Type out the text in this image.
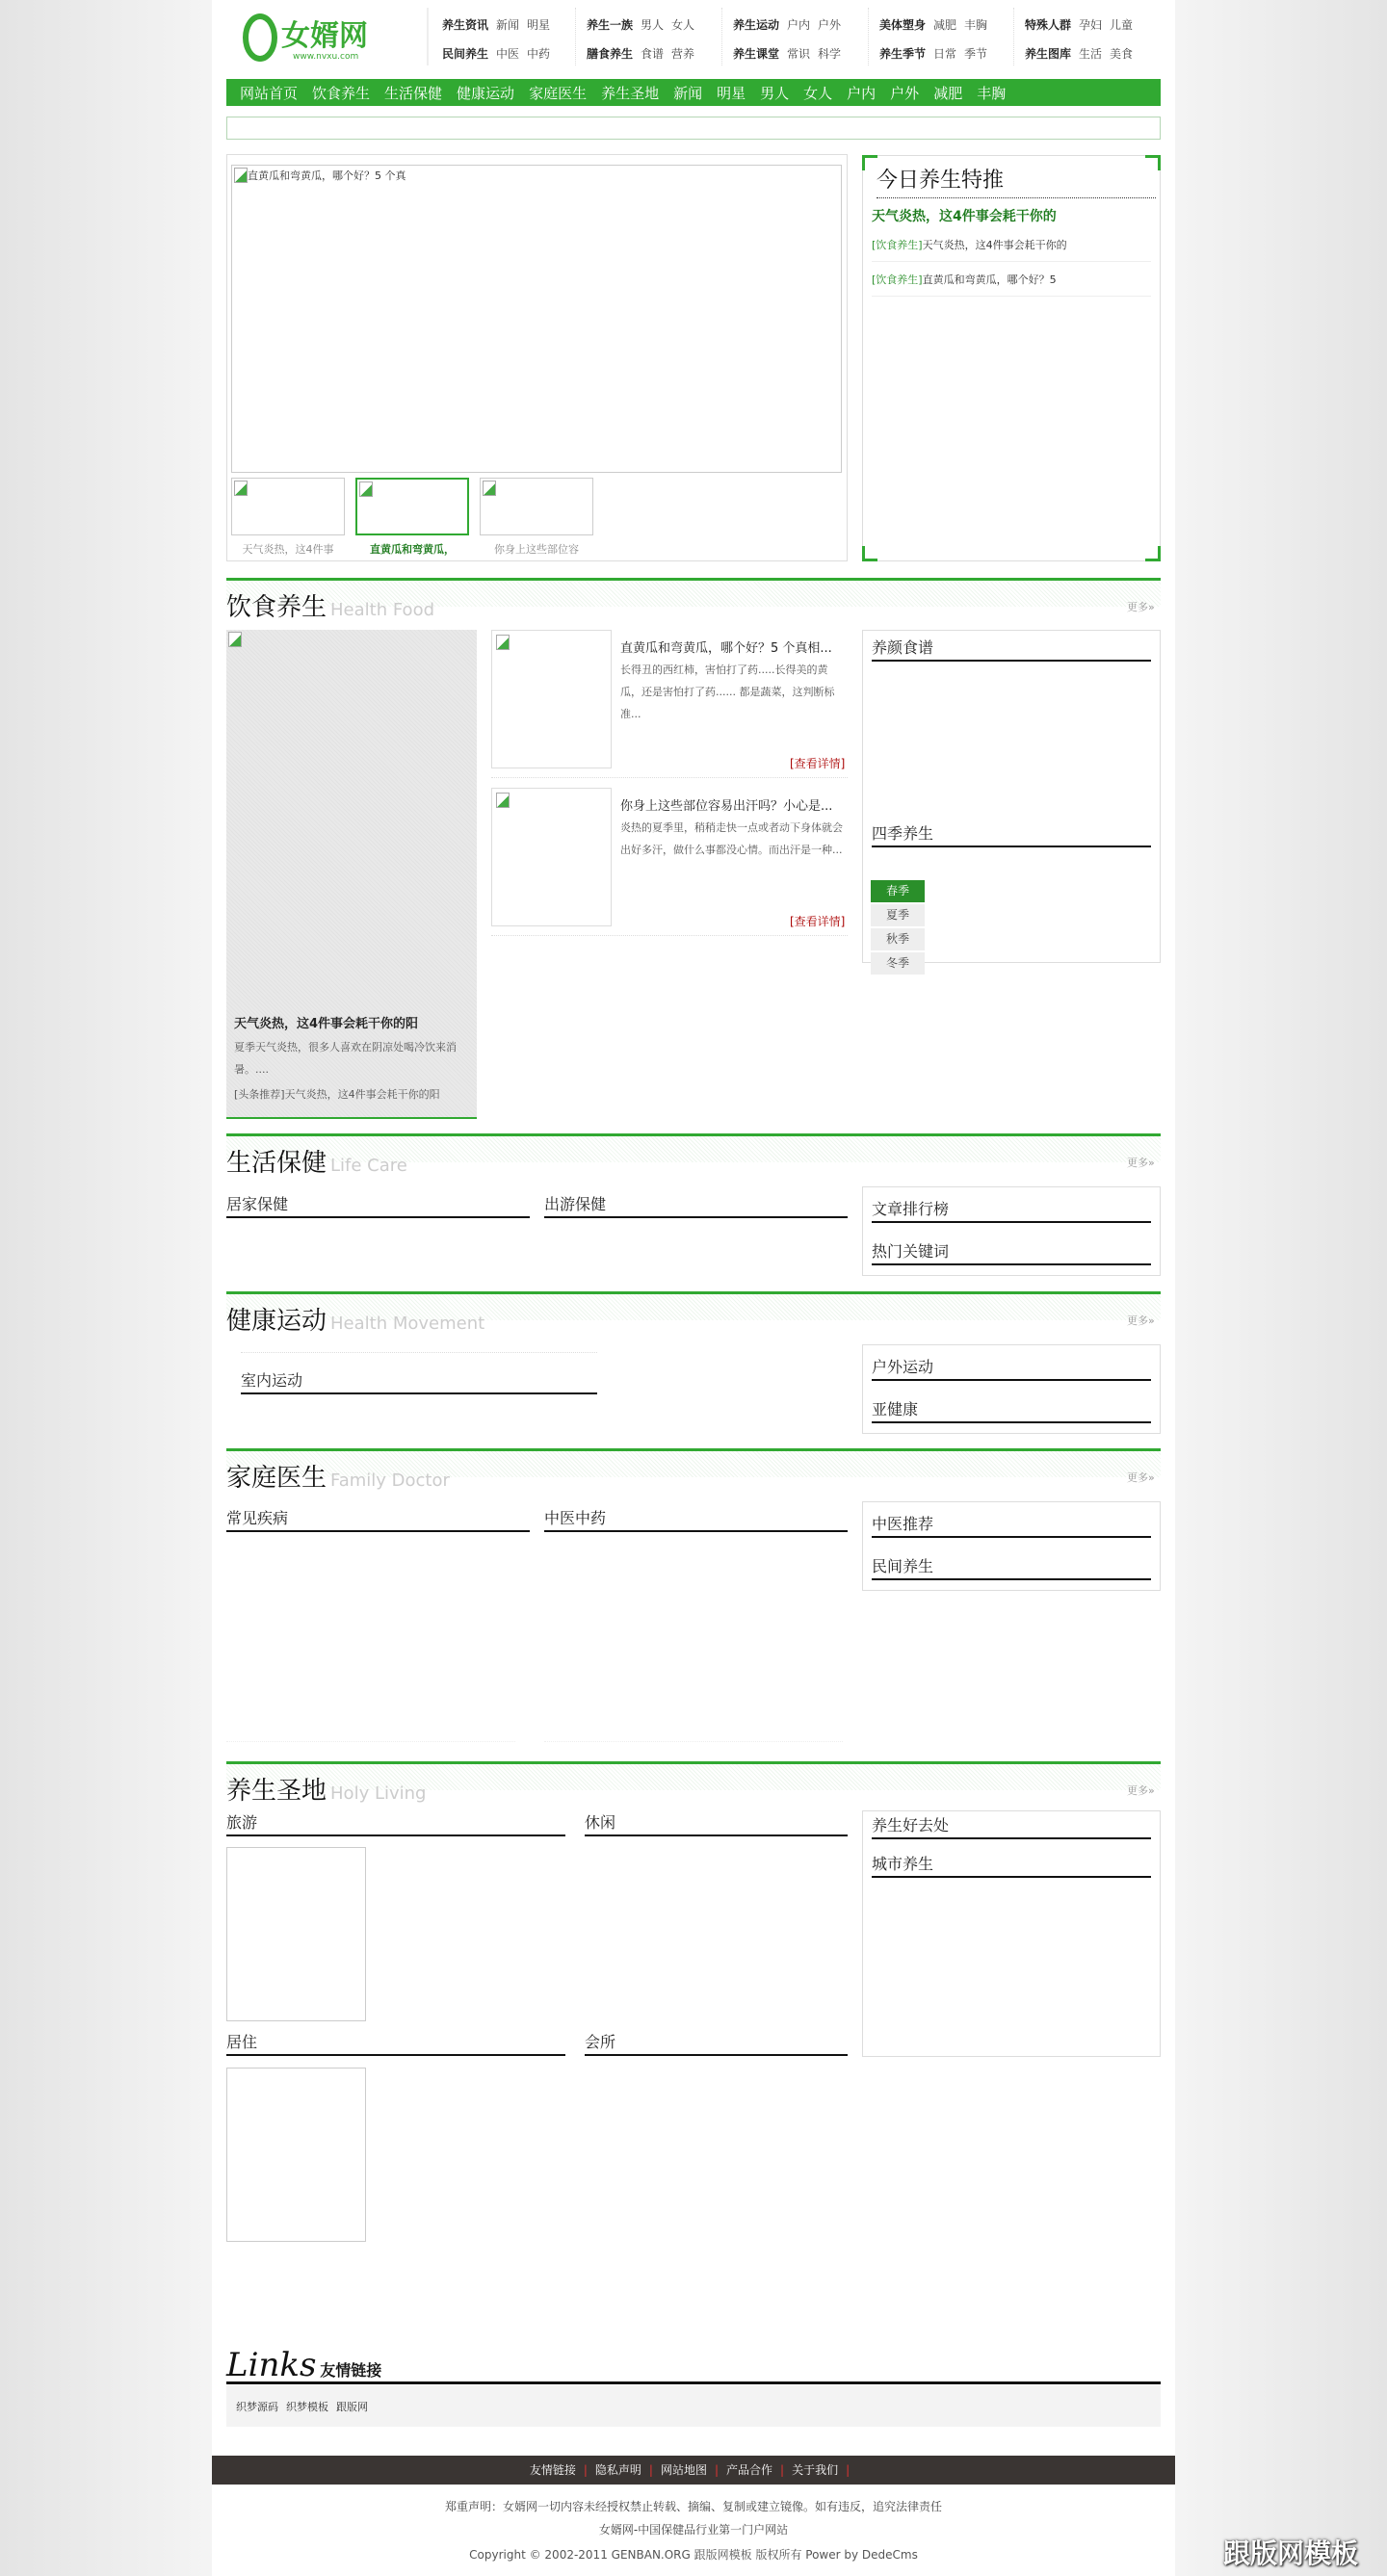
女婿网
www.nvxu.com
网站首页 饮食养生 生活保健 健康运动 家庭医生 养生圣地 新闻 明星 男人 女人 户内 户外 减肥 丰胸
直黄瓜和弯黄瓜，哪个好？5 个真	今日养生特推
天气炎热，这4件事会耗干你的
[饮食养生]天气炎热，这4件事会耗干你的
[饮食养生]直黄瓜和弯黄瓜，哪个好？5
饮食养生 Health Food	更多»
生活保健 Life Care	更多»
健康运动 Health Movement	更多»
家庭医生 Family Doctor	更多»
养生圣地 Holy Living	更多»
天气炎热，这4件事会耗干你的阳
夏季天气炎热，很多人喜欢在阴凉处喝冷饮来消暑。....
[头条推荐]天气炎热，这4件事会耗干你的阳
直黄瓜和弯黄瓜，哪个好？5 个真相...
长得丑的西红柿，害怕打了药.....长得美的黄瓜，还是害怕打了药...... 都是蔬菜，这判断标准...
[查看详情]
你身上这些部位容易出汗吗？小心是...
炎热的夏季里，稍稍走快一点或者动下身体就会出好多汗，做什么事都没心情。而出汗是一种...
[查看详情]
养颜食谱
四季养生
春季
夏季
秋季
冬季
居家保健	出游保健	文章排行榜
热门关键词
室内运动
户外运动
亚健康
常见疾病	中医中药	中医推荐
民间养生
旅游	休闲
居住	会所
养生好去处
城市养生
Links 友情链接
织梦源码 织梦模板 跟版网
友情链接 | 隐私声明 | 网站地图 | 产品合作 | 关于我们 |
郑重声明：女婿网一切内容未经授权禁止转载、摘编、复制或建立镜像。如有违反，追究法律责任
女婿网-中国保健品行业第一门户网站
Copyright © 2002-2011 GENBAN.ORG 跟版网模板 版权所有 Power by DedeCms	跟版网模板
养生资讯 新闻 明星
民间养生 中医 中药
养生一族 男人 女人
膳食养生 食谱 营养
养生运动 户内 户外
养生课堂 常识 科学
美体塑身 减肥 丰胸
养生季节 日常 季节
特殊人群 孕妇 儿童
养生图库 生活 美食
天气炎热，这4件事	直黄瓜和弯黄瓜，	你身上这些部位容
